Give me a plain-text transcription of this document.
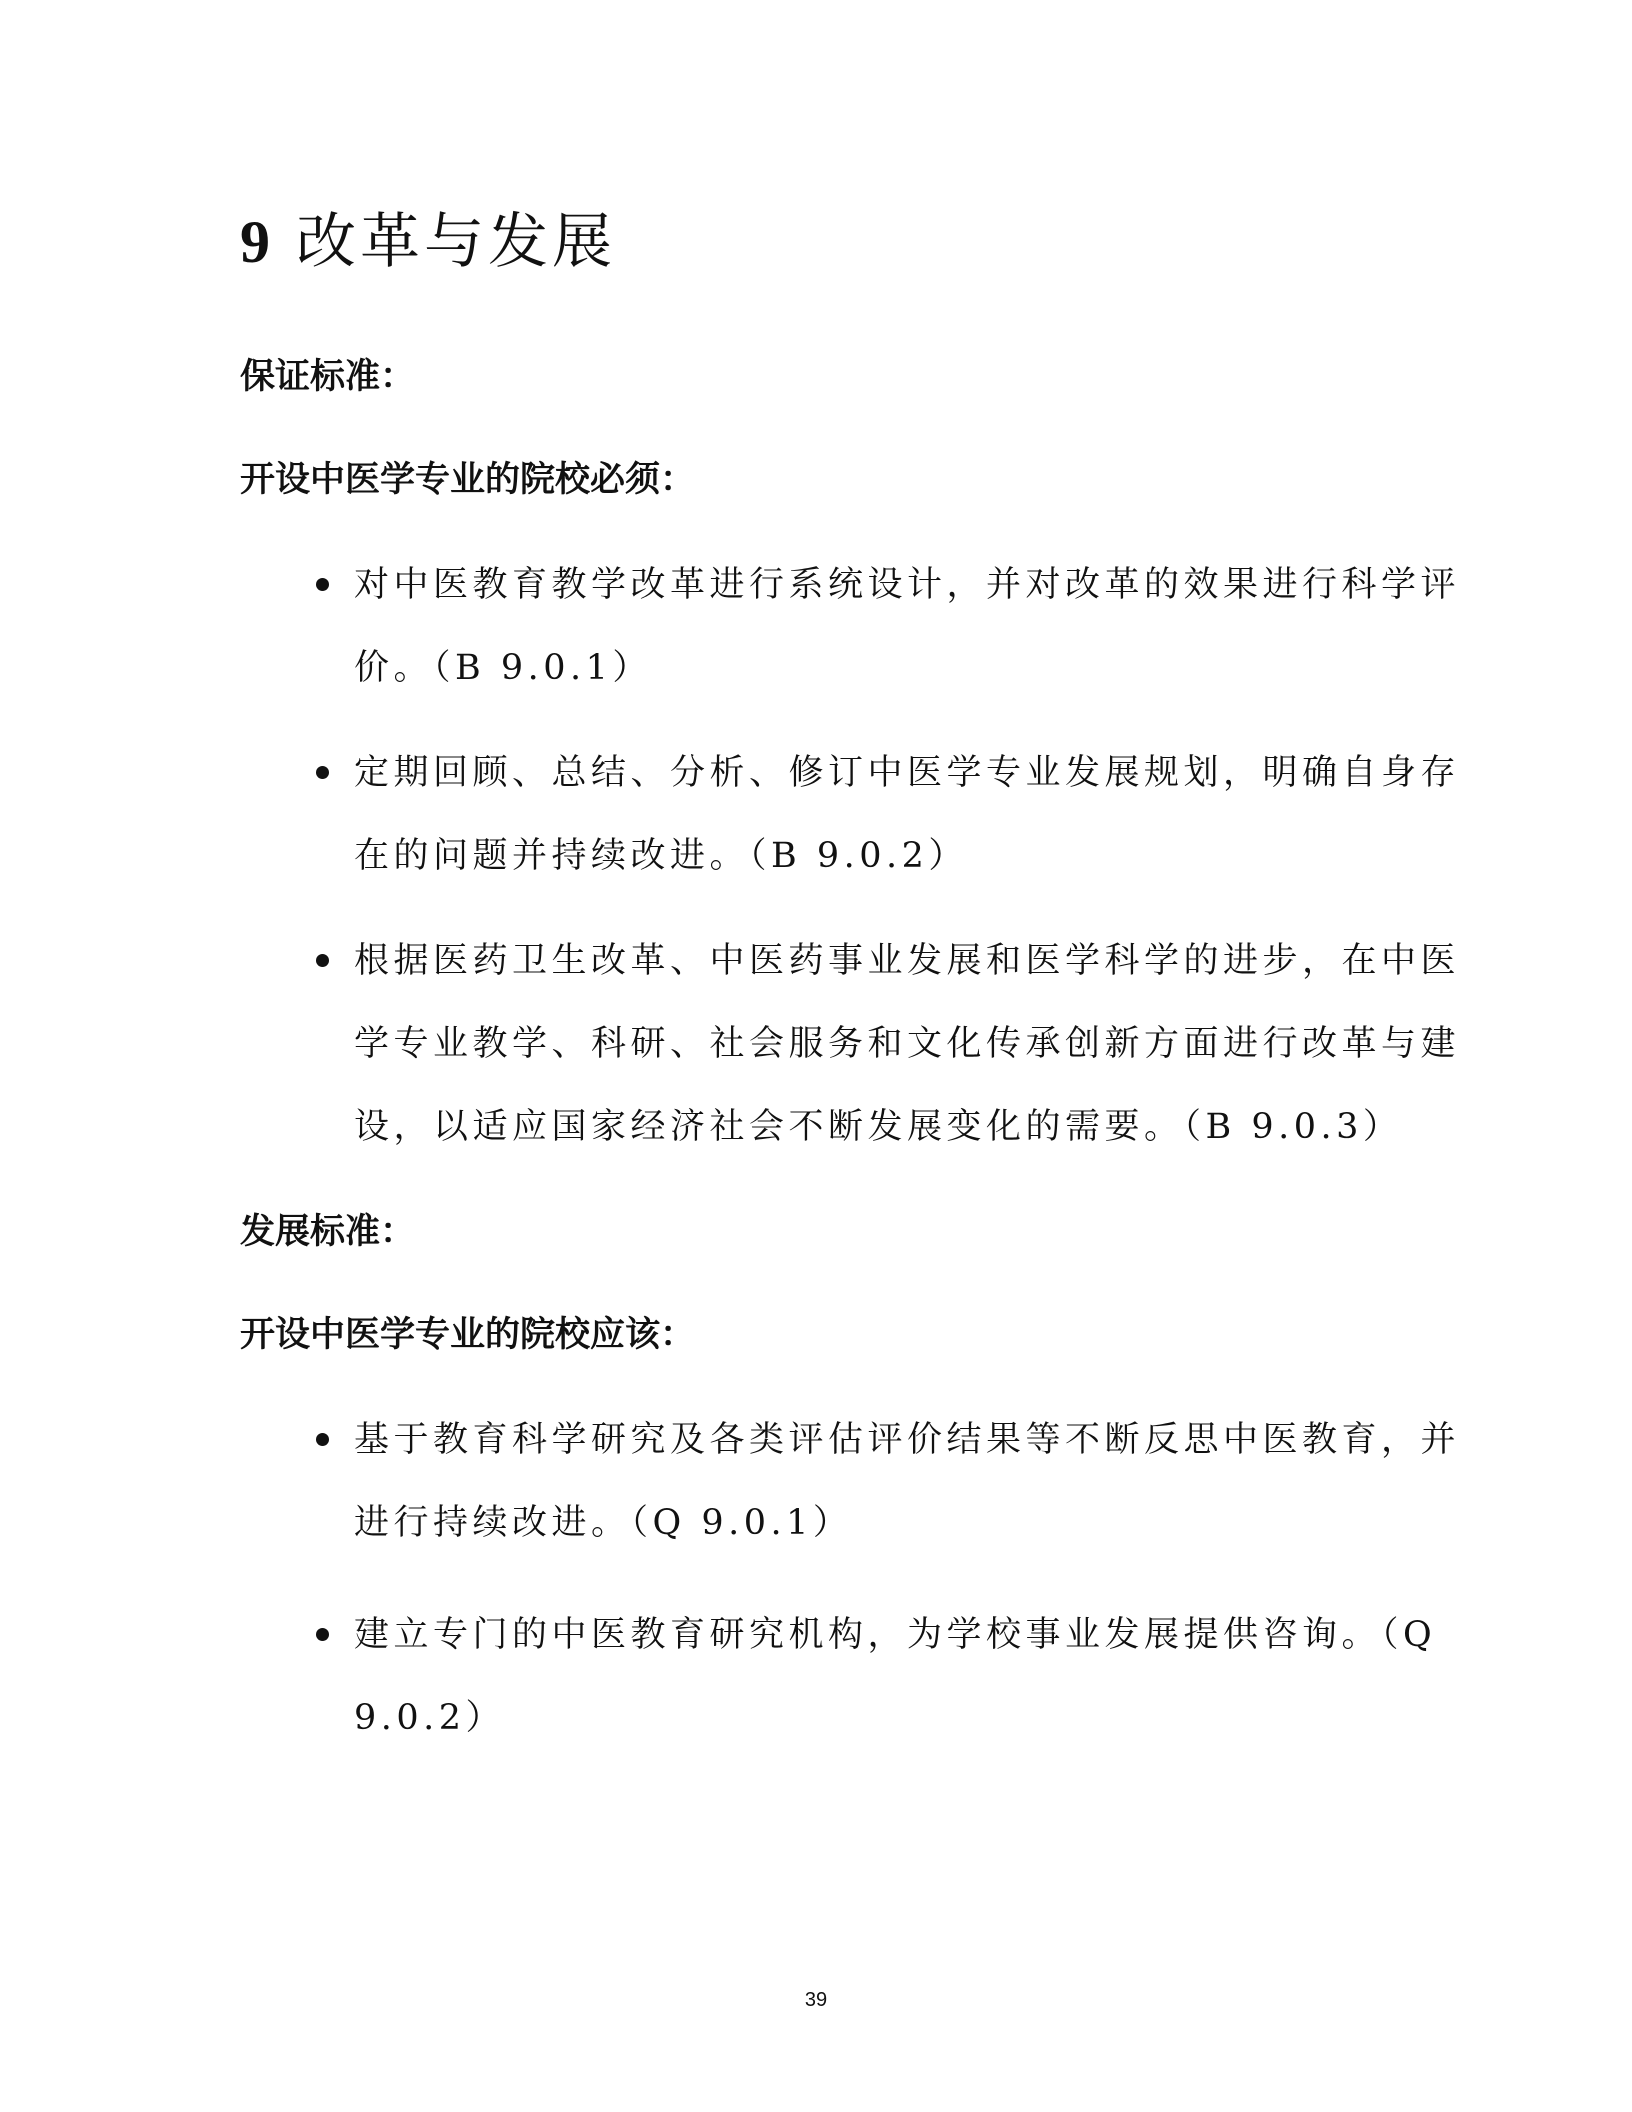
9 改革与发展
保证标准：
开设中医学专业的院校必须：
对中医教育教学改革进行系统设计，并对改革的效果进行科学评
价。（B 9.0.1）
定期回顾、总结、分析、修订中医学专业发展规划，明确自身存
在的问题并持续改进。（B 9.0.2）
根据医药卫生改革、中医药事业发展和医学科学的进步，在中医
学专业教学、科研、社会服务和文化传承创新方面进行改革与建
设，以适应国家经济社会不断发展变化的需要。（B 9.0.3）
发展标准：
开设中医学专业的院校应该：
基于教育科学研究及各类评估评价结果等不断反思中医教育，并
进行持续改进。（Q 9.0.1）
建立专门的中医教育研究机构，为学校事业发展提供咨询。（Q
9.0.2）
39
